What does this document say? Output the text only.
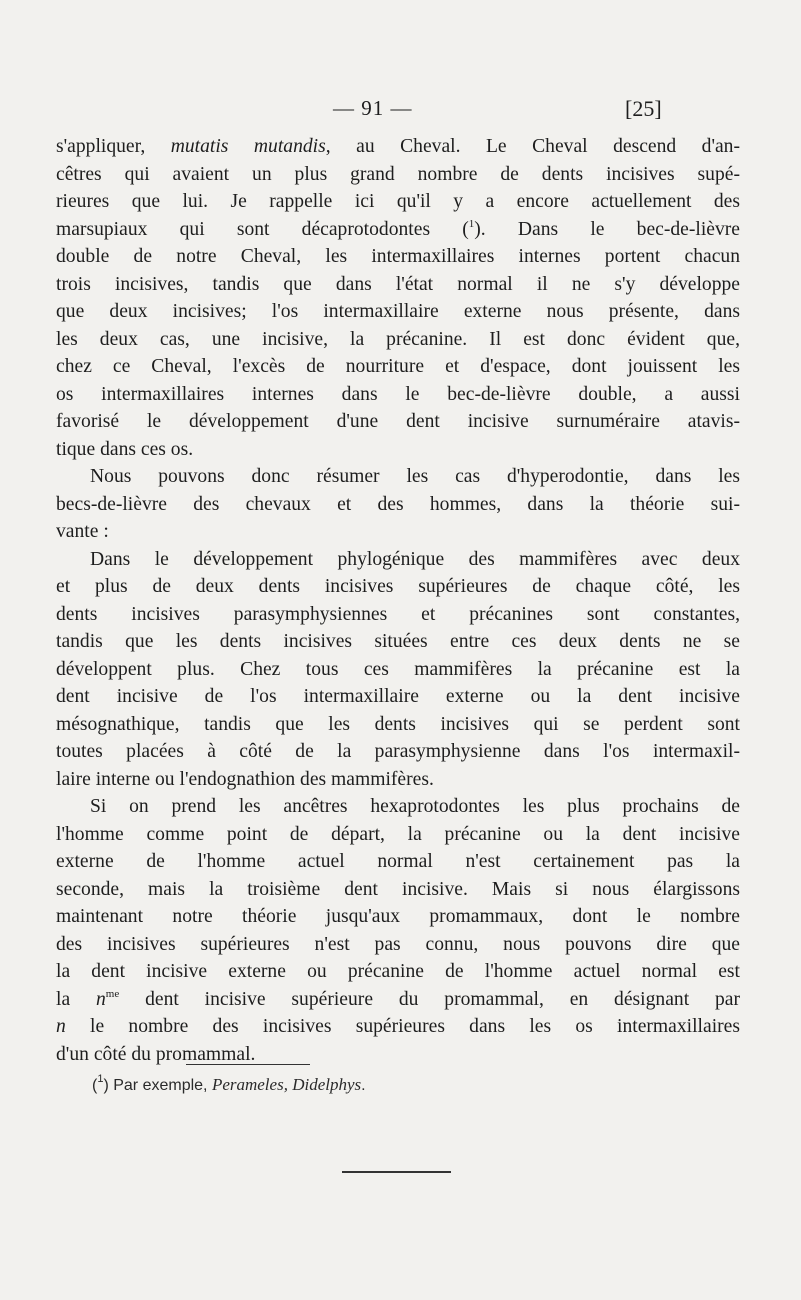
— 91 —	[25]
s'appliquer, mutatis mutandis, au Cheval. Le Cheval descend d'an-
cêtres qui avaient un plus grand nombre de dents incisives supé-
rieures que lui. Je rappelle ici qu'il y a encore actuellement des
marsupiaux qui sont décaprotodontes ($^1$). Dans le bec-de-lièvre
double de notre Cheval, les intermaxillaires internes portent chacun
trois incisives, tandis que dans l'état normal il ne s'y développe
que deux incisives; l'os intermaxillaire externe nous présente, dans
les deux cas, une incisive, la précanine. Il est donc évident que,
chez ce Cheval, l'excès de nourriture et d'espace, dont jouissent les
os intermaxillaires internes dans le bec-de-lièvre double, a aussi
favorisé le développement d'une dent incisive surnuméraire atavis-
tique dans ces os.
Nous pouvons donc résumer les cas d'hyperodontie, dans les
becs-de-lièvre des chevaux et des hommes, dans la théorie sui-
vante :
Dans le développement phylogénique des mammifères avec deux
et plus de deux dents incisives supérieures de chaque côté, les
dents incisives parasymphysiennes et précanines sont constantes,
tandis que les dents incisives situées entre ces deux dents ne se
développent plus. Chez tous ces mammifères la précanine est la
dent incisive de l'os intermaxillaire externe ou la dent incisive
mésognathique, tandis que les dents incisives qui se perdent sont
toutes placées à côté de la parasymphysienne dans l'os intermaxil-
laire interne ou l'endognathion des mammifères.
Si on prend les ancêtres hexaprotodontes les plus prochains de
l'homme comme point de départ, la précanine ou la dent incisive
externe de l'homme actuel normal n'est certainement pas la
seconde, mais la troisième dent incisive. Mais si nous élargissons
maintenant notre théorie jusqu'aux promammaux, dont le nombre
des incisives supérieures n'est pas connu, nous pouvons dire que
la dent incisive externe ou précanine de l'homme actuel normal est
la $n^{me}$ dent incisive supérieure du promammal, en désignant par
n le nombre des incisives supérieures dans les os intermaxillaires
d'un côté du promammal.
($^1$) Par exemple, Perameles, Didelphys.
